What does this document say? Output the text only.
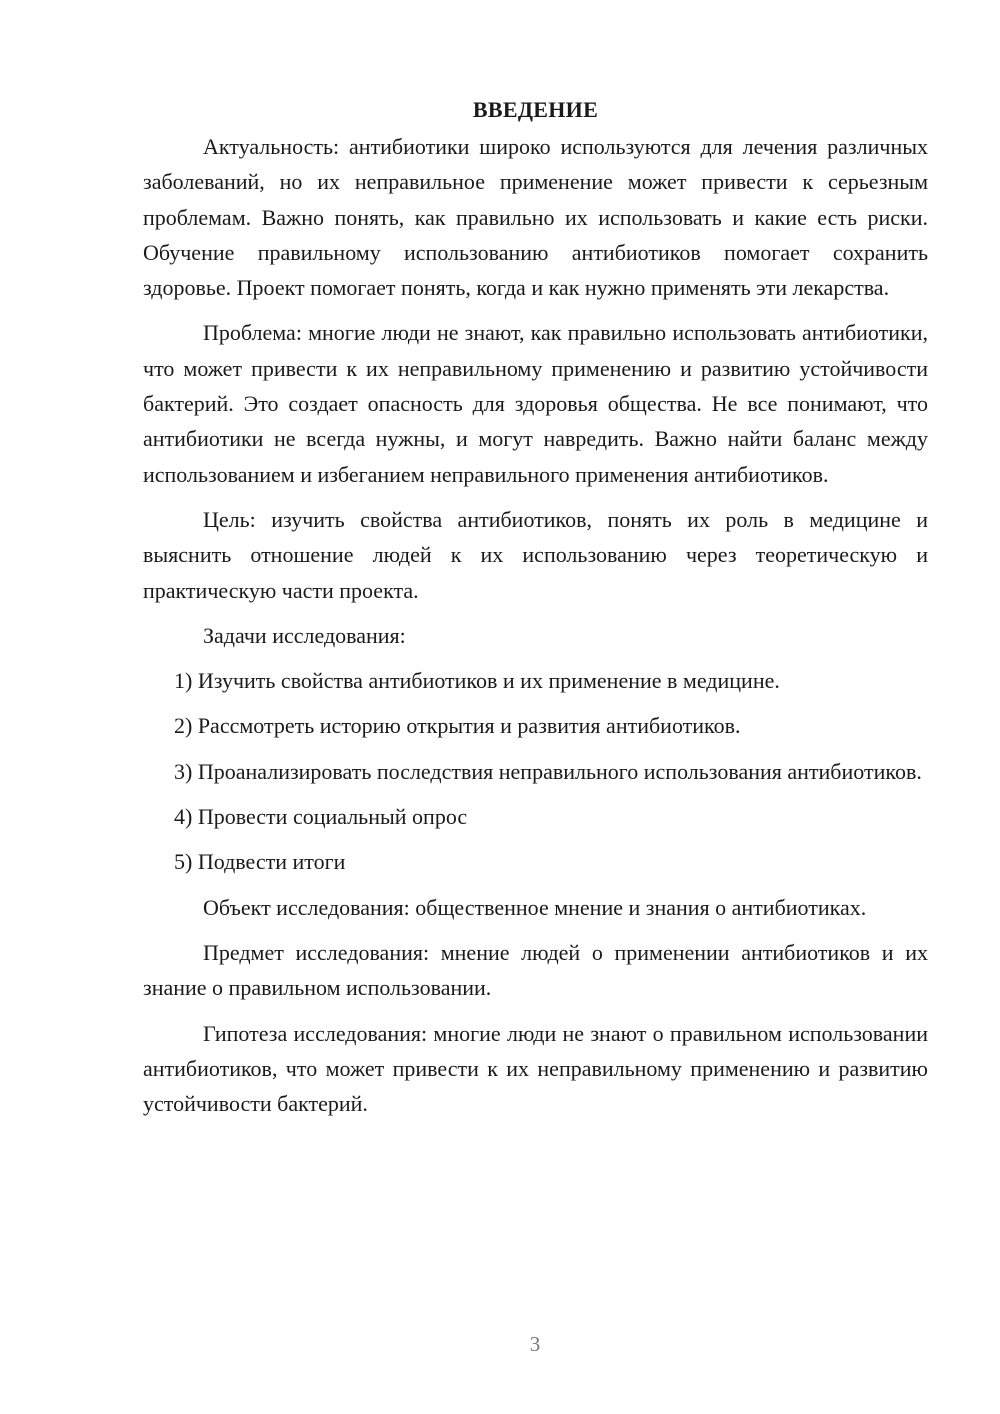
ВВЕДЕНИЕ

Актуальность: антибиотики широко используются для лечения различных заболеваний, но их неправильное применение может привести к серьезным проблемам. Важно понять, как правильно их использовать и какие есть риски. Обучение правильному использованию антибиотиков помогает сохранить здоровье. Проект помогает понять, когда и как нужно применять эти лекарства.

Проблема: многие люди не знают, как правильно использовать антибиотики, что может привести к их неправильному применению и развитию устойчивости бактерий. Это создает опасность для здоровья общества. Не все понимают, что антибиотики не всегда нужны, и могут навредить. Важно найти баланс между использованием и избеганием неправильного применения антибиотиков.

Цель: изучить свойства антибиотиков, понять их роль в медицине и выяснить отношение людей к их использованию через теоретическую и практическую части проекта.

Задачи исследования:

1) Изучить свойства антибиотиков и их применение в медицине.

2) Рассмотреть историю открытия и развития антибиотиков.

3) Проанализировать последствия неправильного использования антибиотиков.

4) Провести социальный опрос

5) Подвести итоги

Объект исследования: общественное мнение и знания о антибиотиках.

Предмет исследования: мнение людей о применении антибиотиков и их знание о правильном использовании.

Гипотеза исследования: многие люди не знают о правильном использовании антибиотиков, что может привести к их неправильному применению и развитию устойчивости бактерий.

3
